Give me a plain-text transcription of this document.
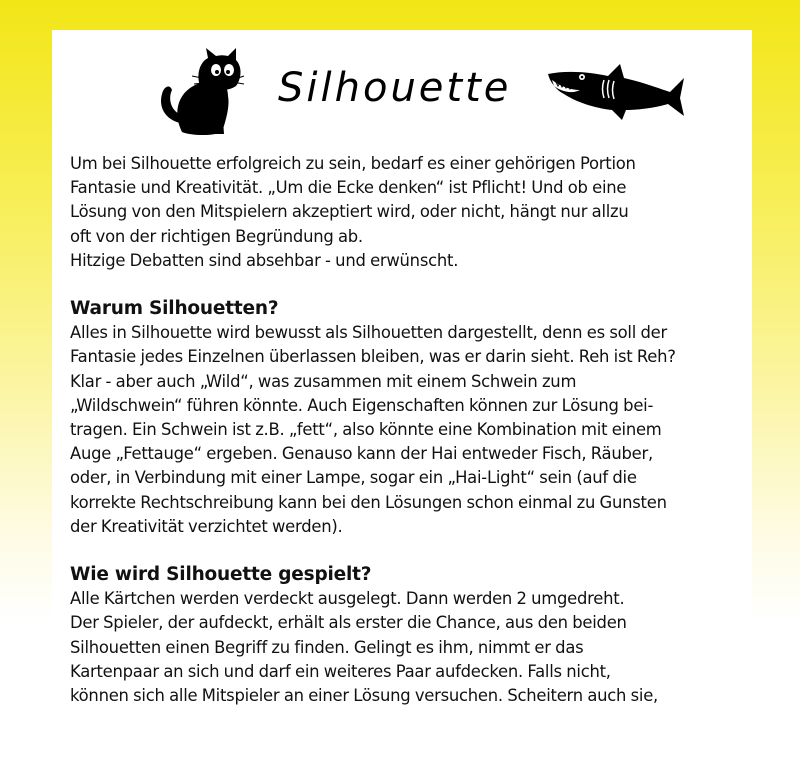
Silhouette

Um bei Silhouette erfolgreich zu sein, bedarf es einer gehörigen Portion
Fantasie und Kreativität. „Um die Ecke denken“ ist Pflicht! Und ob eine
Lösung von den Mitspielern akzeptiert wird, oder nicht, hängt nur allzu
oft von der richtigen Begründung ab.
Hitzige Debatten sind absehbar - und erwünscht.

Warum Silhouetten?

Alles in Silhouette wird bewusst als Silhouetten dargestellt, denn es soll der
Fantasie jedes Einzelnen überlassen bleiben, was er darin sieht. Reh ist Reh?
Klar - aber auch „Wild“, was zusammen mit einem Schwein zum
„Wildschwein“ führen könnte. Auch Eigenschaften können zur Lösung bei-
tragen. Ein Schwein ist z.B. „fett“, also könnte eine Kombination mit einem
Auge „Fettauge“ ergeben. Genauso kann der Hai entweder Fisch, Räuber,
oder, in Verbindung mit einer Lampe, sogar ein „Hai-Light“ sein (auf die
korrekte Rechtschreibung kann bei den Lösungen schon einmal zu Gunsten
der Kreativität verzichtet werden).

Wie wird Silhouette gespielt?

Alle Kärtchen werden verdeckt ausgelegt. Dann werden 2 umgedreht.
Der Spieler, der aufdeckt, erhält als erster die Chance, aus den beiden
Silhouetten einen Begriff zu finden. Gelingt es ihm, nimmt er das
Kartenpaar an sich und darf ein weiteres Paar aufdecken. Falls nicht,
können sich alle Mitspieler an einer Lösung versuchen. Scheitern auch sie,
